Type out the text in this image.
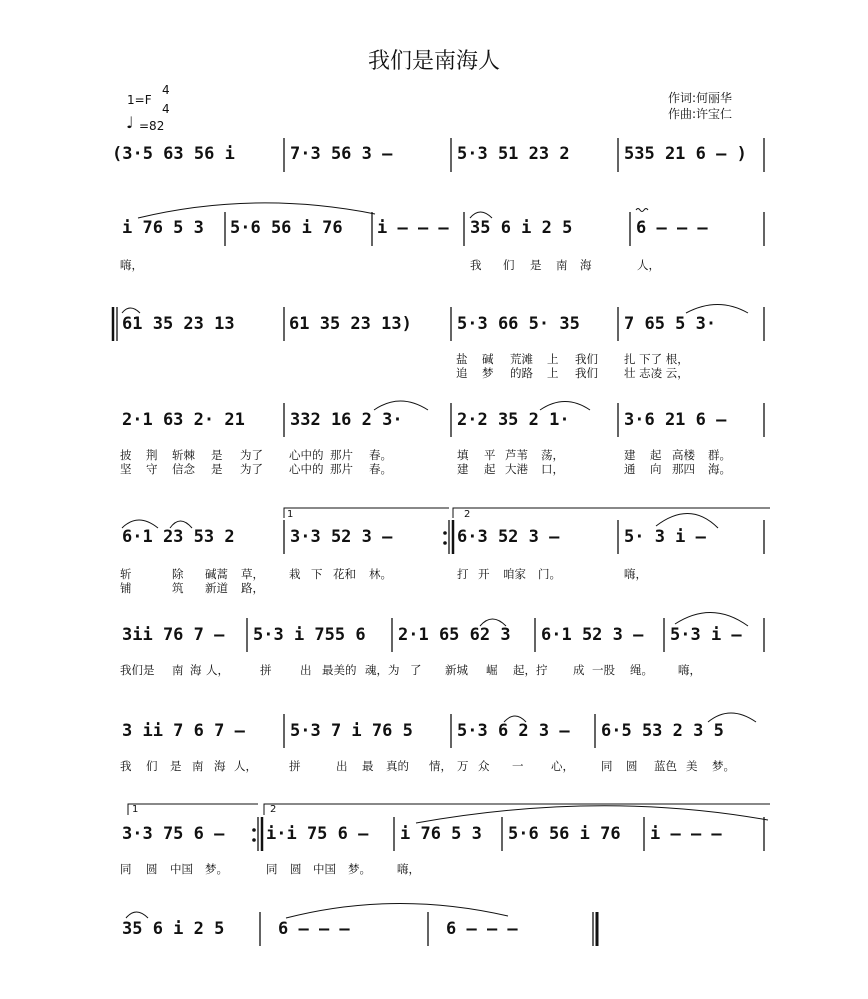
我们是南海人
1=F
4
4
♩ =82
作词:何丽华
作曲:许宝仁
(3·5 63 56 i	7·3 56 3 –	5·3 51 23 2	535 21 6 – )
i 76 5 3 5·6 56 i 76 i – – – 35 6 i 2 5	6 – – –
嗨，	我 们 是 南 海	人，
61 35 23 13	61 35 23 13)	5·3 66 5· 35	7 65 5 3·
盐 碱 荒滩 上 我们 扎 下了 根，
追 梦 的路 上 我们 壮 志凌 云，
2·1 63 2· 21	332 16 2 3·	2·2 35 2 1·	3·6 21 6 –
披 荆 斩棘 是 为了 心中的 那片 春。	填 平 芦苇 荡，	建 起 高楼 群。
坚 守 信念 是 为了 心中的 那片 春。	建 起 大港 口，	通 向 那四 海。
6·1 23 53 2	3·3 52 3 –	6·3 52 3 –	5· 3 i –
1	2
斩	除 碱蒿 草， 栽 下 花和 林。	打 开 咱家 门。	嗨，
铺	筑 新道 路，
3ii 76 7 – 5·3 i 755 6 2·1 65 62 3 6·1 52 3 – 5·3 i –
我们是 南 海 人，	拼 出 最美的 魂，为 了 新城 崛 起，拧 成 一股 绳。 嗨，
3 ii 7 6 7 –	5·3 7 i 76 5	5·3 6 2 3 – 6·5 53 2 3 5
我 们 是 南 海 人，	拼	出 最 真的 情， 万 众 一 心， 同 圆 蓝色 美 梦。
3·3 75 6 – i·i 75 6 – i 76 5 3 5·6 56 i 76 i – – –
1	2
同 圆 中国 梦。	同 圆 中国 梦。 嗨，
35 6 i 2 5	6 – – –	6 – – –
